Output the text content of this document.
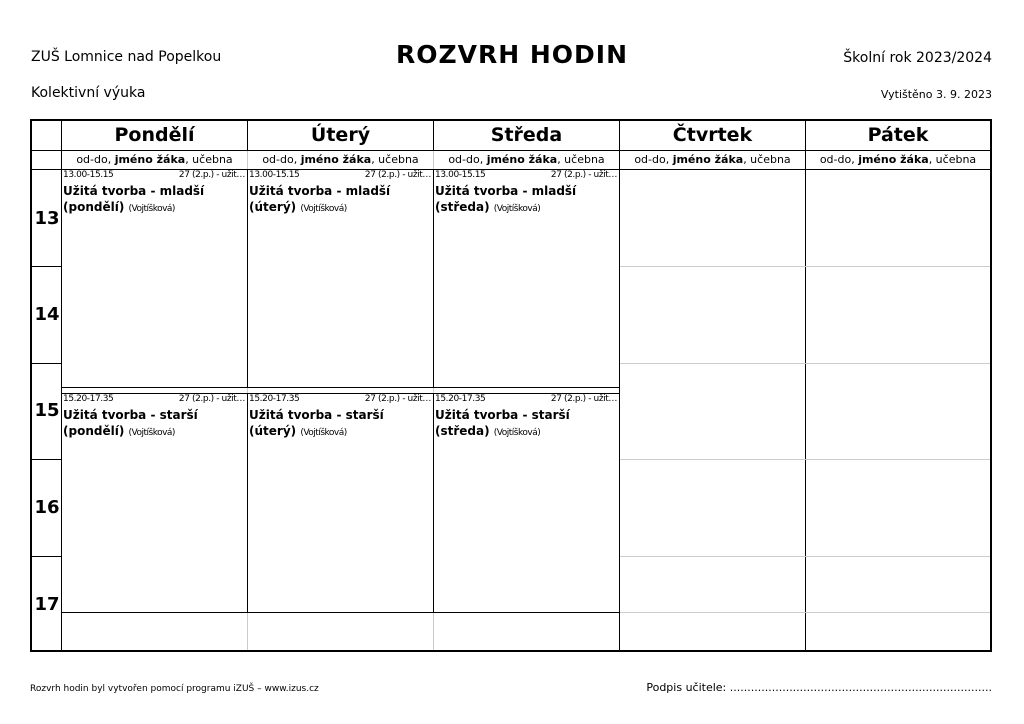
ZUŠ Lomnice nad Popelkou	ROZVRH HODIN	Školní rok 2023/2024
Kolektivní výuka	Vytištěno 3. 9. 2023
Pondělí	Úterý	Středa	Čtvrtek	Pátek
od-do, jméno žáka, učebna	od-do, jméno žáka, učebna	od-do, jméno žáka, učebna	od-do, jméno žáka, učebna	od-do, jméno žáka, učebna
13
14
15
16
17
13.00-15.15	27 (2.p.) - užit…
Užitá tvorba - mladší (pondělí) (Vojtíšková)
13.00-15.15	27 (2.p.) - užit…
Užitá tvorba - mladší (úterý) (Vojtíšková)
13.00-15.15	27 (2.p.) - užit…
Užitá tvorba - mladší (středa) (Vojtíšková)
15.20-17.35	27 (2.p.) - užit…
Užitá tvorba - starší (pondělí) (Vojtíšková)
15.20-17.35	27 (2.p.) - užit…
Užitá tvorba - starší (úterý) (Vojtíšková)
15.20-17.35	27 (2.p.) - užit…
Užitá tvorba - starší (středa) (Vojtíšková)
Rozvrh hodin byl vytvořen pomocí programu iZUŠ – www.izus.cz	Podpis učitele: ...........................................................................
